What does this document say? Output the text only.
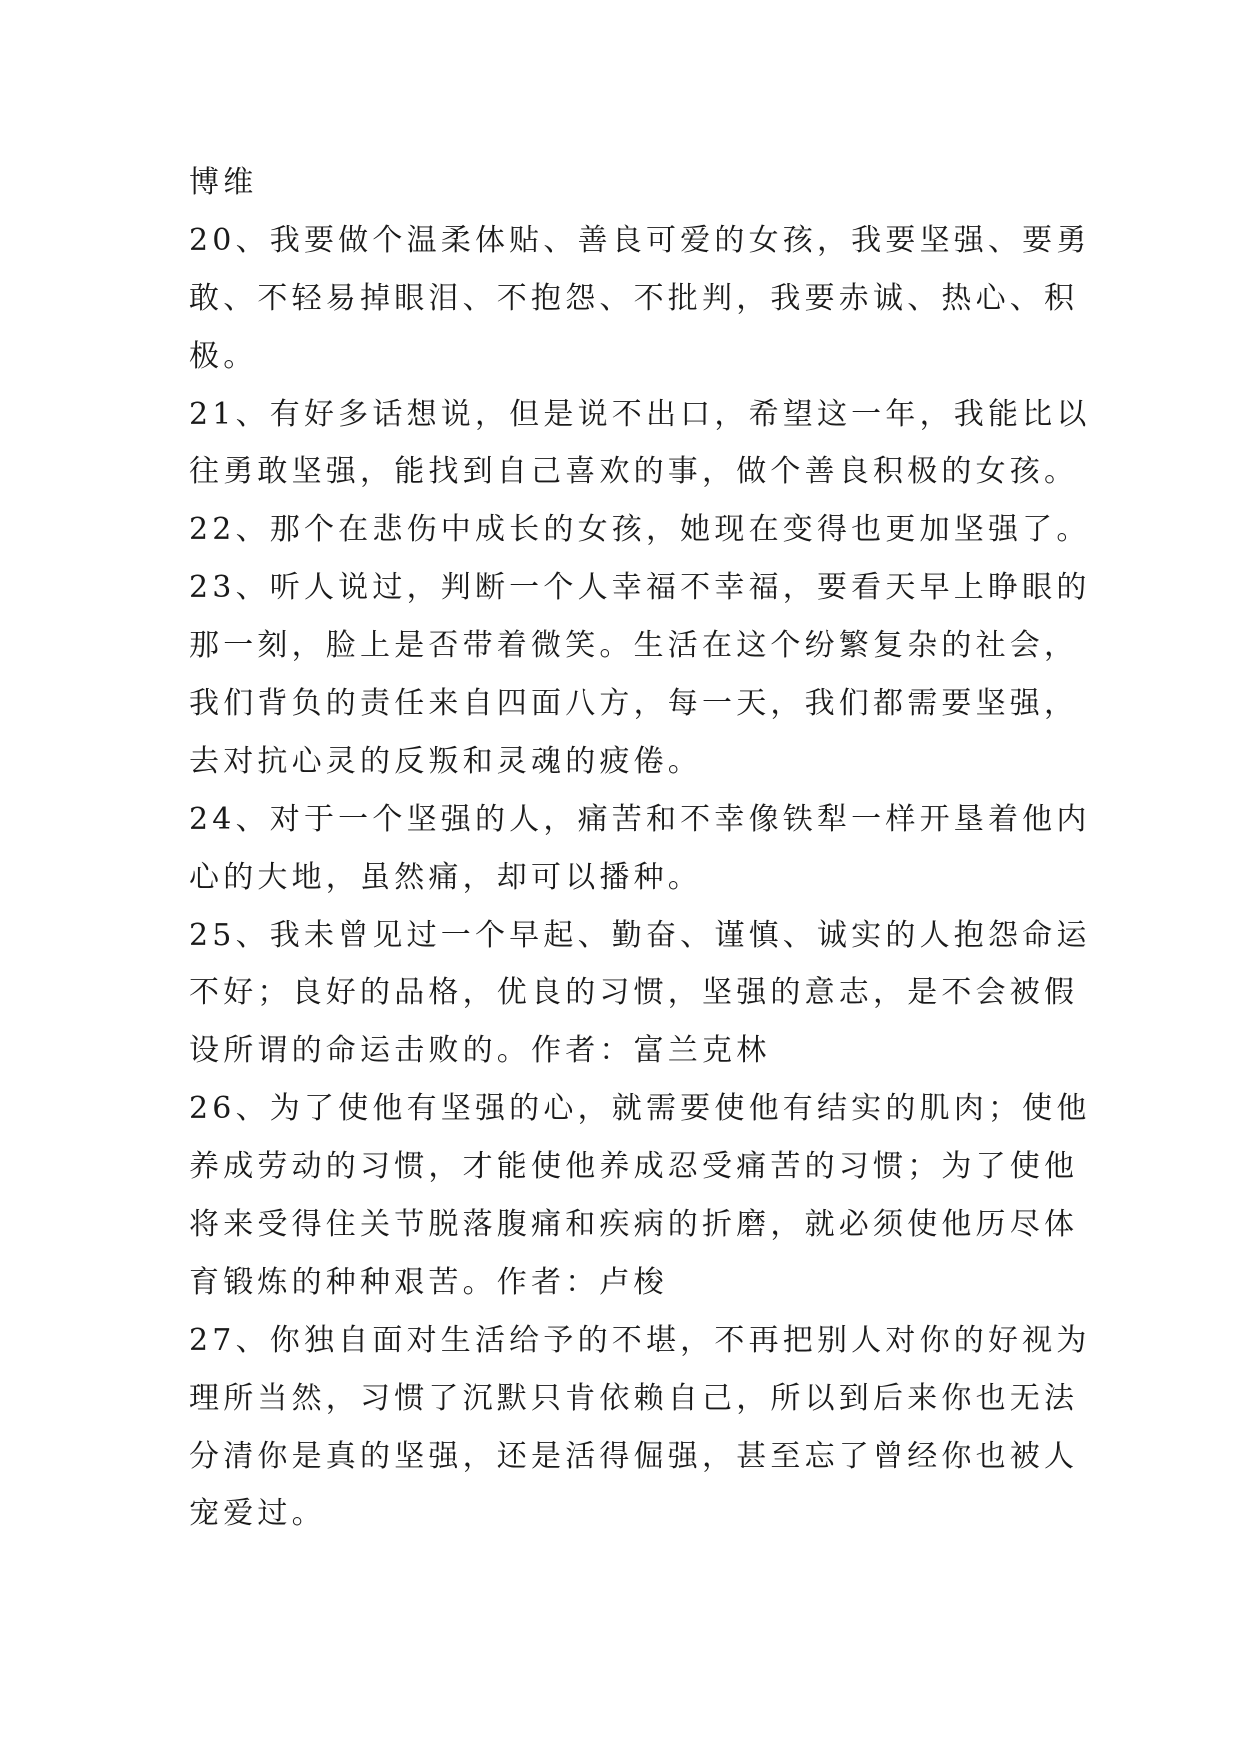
博维
20、我要做个温柔体贴、善良可爱的女孩，我要坚强、要勇
敢、不轻易掉眼泪、不抱怨、不批判，我要赤诚、热心、积
极。
21、有好多话想说，但是说不出口，希望这一年，我能比以
往勇敢坚强，能找到自己喜欢的事，做个善良积极的女孩。
22、那个在悲伤中成长的女孩，她现在变得也更加坚强了。
23、听人说过，判断一个人幸福不幸福，要看天早上睁眼的
那一刻，脸上是否带着微笑。生活在这个纷繁复杂的社会，
我们背负的责任来自四面八方，每一天，我们都需要坚强，
去对抗心灵的反叛和灵魂的疲倦。
24、对于一个坚强的人，痛苦和不幸像铁犁一样开垦着他内
心的大地，虽然痛，却可以播种。
25、我未曾见过一个早起、勤奋、谨慎、诚实的人抱怨命运
不好；良好的品格，优良的习惯，坚强的意志，是不会被假
设所谓的命运击败的。作者：富兰克林
26、为了使他有坚强的心，就需要使他有结实的肌肉；使他
养成劳动的习惯，才能使他养成忍受痛苦的习惯；为了使他
将来受得住关节脱落腹痛和疾病的折磨，就必须使他历尽体
育锻炼的种种艰苦。作者：卢梭
27、你独自面对生活给予的不堪，不再把别人对你的好视为
理所当然，习惯了沉默只肯依赖自己，所以到后来你也无法
分清你是真的坚强，还是活得倔强，甚至忘了曾经你也被人
宠爱过。
